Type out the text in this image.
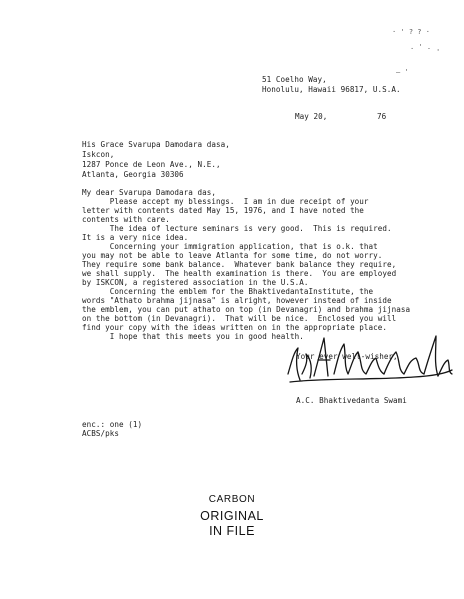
· ' ? ? ·
. ' .
― '
'
51 Coelho Way,
Honolulu, Hawaii 96817, U.S.A.
May 20,	76
His Grace Svarupa Damodara dasa,
Iskcon,
1287 Ponce de Leon Ave., N.E.,
Atlanta, Georgia 30306
My dear Svarupa Damodara das,
Please accept my blessings.  I am in due receipt of your
letter with contents dated May 15, 1976, and I have noted the
contents with care.
The idea of lecture seminars is very good.  This is required.
It is a very nice idea.
Concerning your immigration application, that is o.k. that
you may not be able to leave Atlanta for some time, do not worry.
They require some bank balance.  Whatever bank balance they require,
we shall supply.  The health examination is there.  You are employed
by ISKCON, a registered association in the U.S.A.
Concerning the emblem for the BhaktivedantaInstitute, the
words "Athato brahma jijnasa" is alright, however instead of inside
the emblem, you can put athato on top (in Devanagri) and brahma jijnasa
on the bottom (in Devanagri).  That will be nice.  Enclosed you will
find your copy with the ideas written on in the appropriate place.
I hope that this meets you in good health.
Your ever well-wisher,
A.C. Bhaktivedanta Swami
enc.: one (1)
ACBS/pks
CARBON
ORIGINAL
IN FILE
